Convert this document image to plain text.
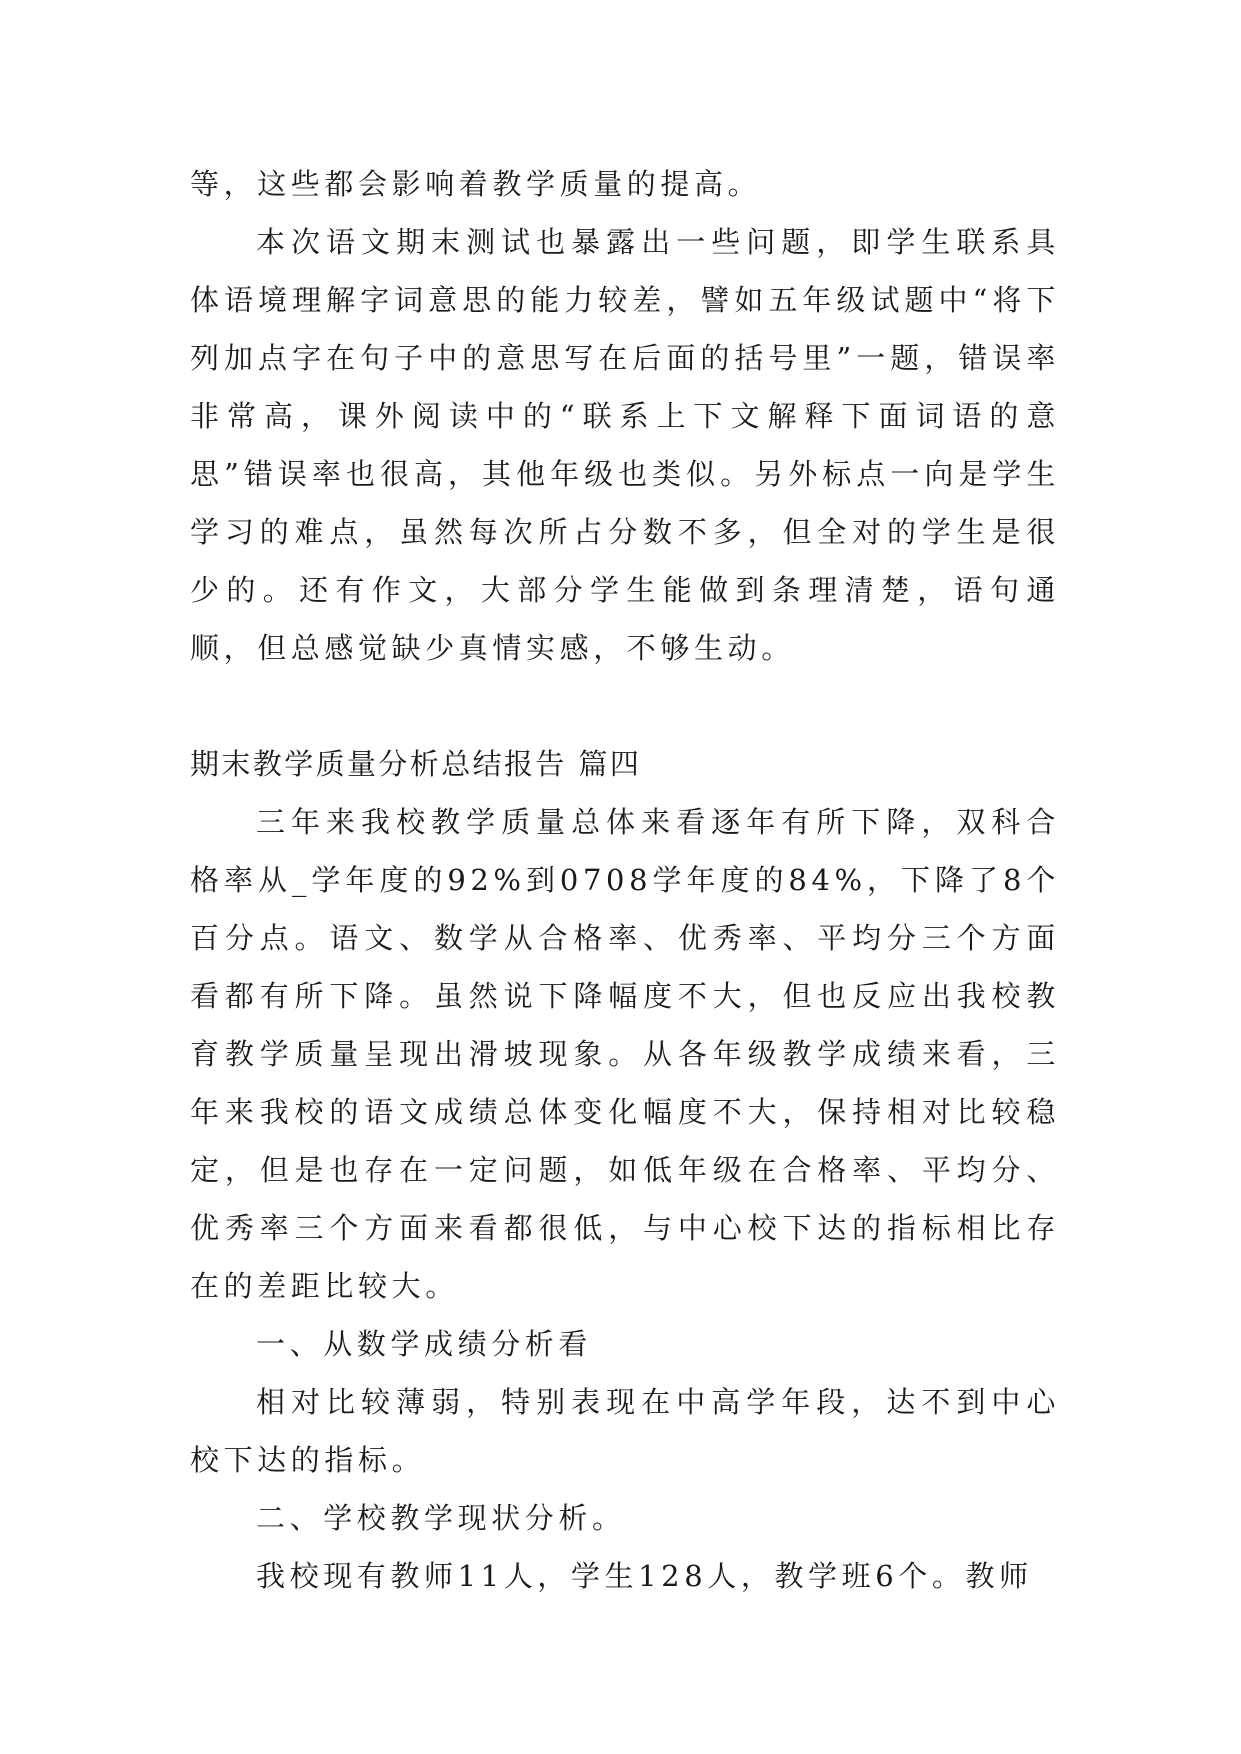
等，这些都会影响着教学质量的提高。

本次语文期末测试也暴露出一些问题，即学生联系具体语境理解字词意思的能力较差，譬如五年级试题中“将下列加点字在句子中的意思写在后面的括号里”一题，错误率非常高，课外阅读中的“联系上下文解释下面词语的意思”错误率也很高，其他年级也类似。另外标点一向是学生学习的难点，虽然每次所占分数不多，但全对的学生是很少的。还有作文，大部分学生能做到条理清楚，语句通顺，但总感觉缺少真情实感，不够生动。

期末教学质量分析总结报告 篇四

三年来我校教学质量总体来看逐年有所下降，双科合格率从_学年度的92%到0708学年度的84%，下降了8个百分点。语文、数学从合格率、优秀率、平均分三个方面看都有所下降。虽然说下降幅度不大，但也反应出我校教育教学质量呈现出滑坡现象。从各年级教学成绩来看，三年来我校的语文成绩总体变化幅度不大，保持相对比较稳定，但是也存在一定问题，如低年级在合格率、平均分、优秀率三个方面来看都很低，与中心校下达的指标相比存在的差距比较大。

一、从数学成绩分析看

相对比较薄弱，特别表现在中高学年段，达不到中心校下达的指标。

二、学校教学现状分析。

我校现有教师11人，学生128人，教学班6个。教师
